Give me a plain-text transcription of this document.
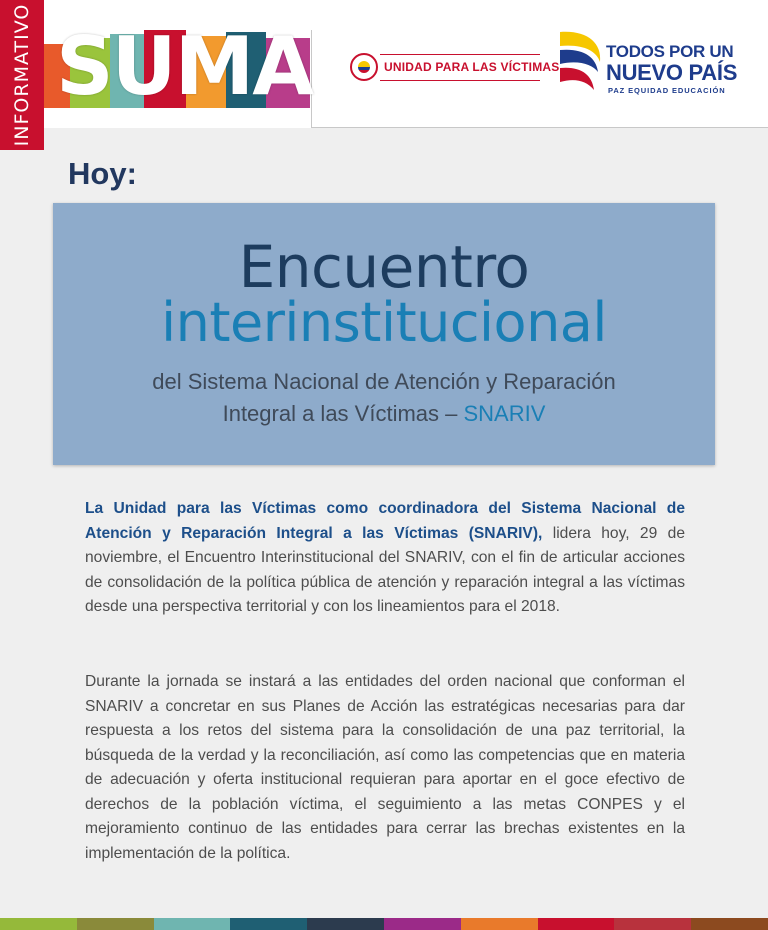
SUMA	UNIDAD PARA LAS VÍCTIMAS
TODOS POR UN
NUEVO PAÍS
PAZ EQUIDAD EDUCACIÓN
INFORMATIVO
Hoy:
Encuentro
interinstitucional
del Sistema Nacional de Atención y Reparación
Integral a las Víctimas – SNARIV

La Unidad para las Víctimas como coordinadora del Sistema Nacional de Atención y Reparación Integral a las Víctimas (SNARIV), lidera hoy, 29 de noviembre, el Encuentro Interinstitucional del SNARIV, con el fin de articular acciones de consolidación de la política pública de atención y reparación integral a las víctimas desde una perspectiva territorial y con los lineamientos para el 2018.

Durante la jornada se instará a las entidades del orden nacional que conforman el SNARIV a concretar en sus Planes de Acción las estratégicas necesarias para dar respuesta a los retos del sistema para la consolidación de una paz territorial, la búsqueda de la verdad y la reconciliación, así como las competencias que en materia de adecuación y oferta institucional requieran para aportar en el goce efectivo de derechos de la población víctima, el seguimiento a las metas CONPES y el mejoramiento continuo de las entidades para cerrar las brechas existentes en la implementación de la política.
